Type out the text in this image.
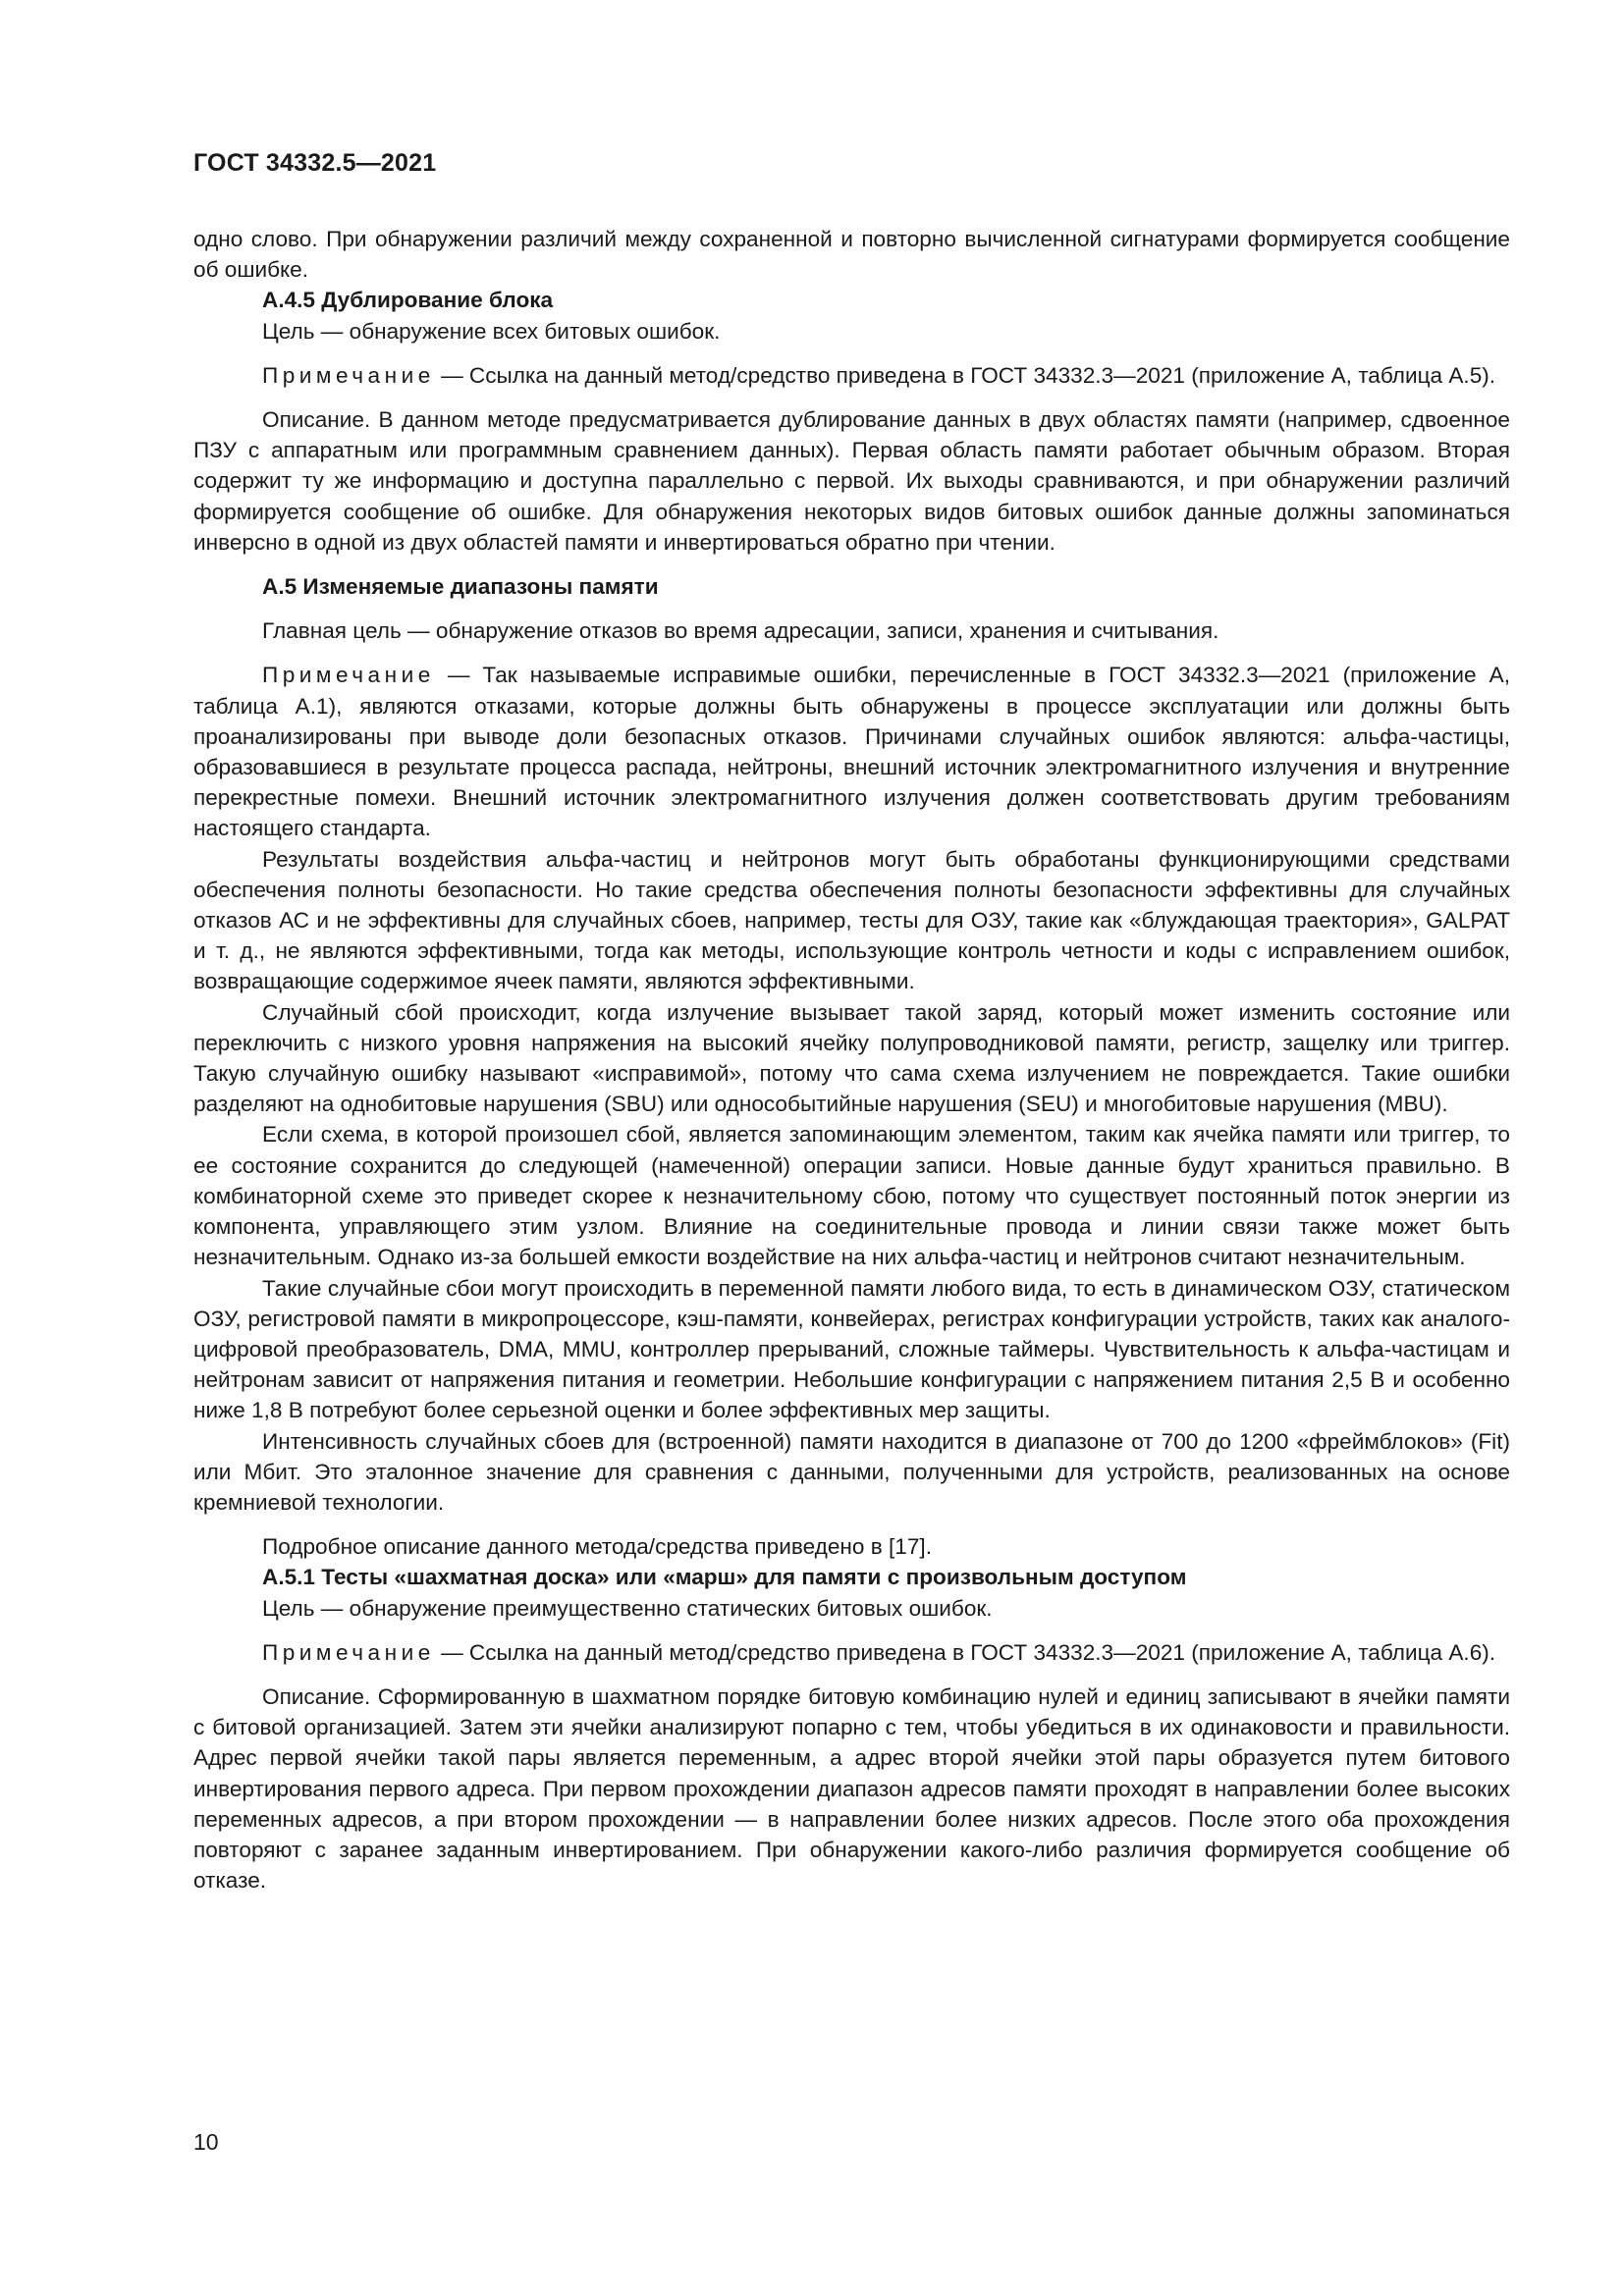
ГОСТ 34332.5—2021

одно слово. При обнаружении различий между сохраненной и повторно вычисленной сигнатурами формируется сообщение об ошибке.

А.4.5 Дублирование блока

Цель — обнаружение всех битовых ошибок.

Примечание — Ссылка на данный метод/средство приведена в ГОСТ 34332.3—2021 (приложение А, таблица А.5).

Описание. В данном методе предусматривается дублирование данных в двух областях памяти (например, сдвоенное ПЗУ с аппаратным или программным сравнением данных). Первая область памяти работает обычным образом. Вторая содержит ту же информацию и доступна параллельно с первой. Их выходы сравниваются, и при обнаружении различий формируется сообщение об ошибке. Для обнаружения некоторых видов битовых ошибок данные должны запоминаться инверсно в одной из двух областей памяти и инвертироваться обратно при чтении.

А.5 Изменяемые диапазоны памяти

Главная цель — обнаружение отказов во время адресации, записи, хранения и считывания.

Примечание — Так называемые исправимые ошибки, перечисленные в ГОСТ 34332.3—2021 (приложение А, таблица А.1), являются отказами, которые должны быть обнаружены в процессе эксплуатации или должны быть проанализированы при выводе доли безопасных отказов. Причинами случайных ошибок являются: альфа-частицы, образовавшиеся в результате процесса распада, нейтроны, внешний источник электромагнитного излучения и внутренние перекрестные помехи. Внешний источник электромагнитного излучения должен соответствовать другим требованиям настоящего стандарта.

Результаты воздействия альфа-частиц и нейтронов могут быть обработаны функционирующими средствами обеспечения полноты безопасности. Но такие средства обеспечения полноты безопасности эффективны для случайных отказов АС и не эффективны для случайных сбоев, например, тесты для ОЗУ, такие как «блуждающая траектория», GALPAT и т. д., не являются эффективными, тогда как методы, использующие контроль четности и коды с исправлением ошибок, возвращающие содержимое ячеек памяти, являются эффективными.

Случайный сбой происходит, когда излучение вызывает такой заряд, который может изменить состояние или переключить с низкого уровня напряжения на высокий ячейку полупроводниковой памяти, регистр, защелку или триггер. Такую случайную ошибку называют «исправимой», потому что сама схема излучением не повреждается. Такие ошибки разделяют на однобитовые нарушения (SBU) или однособытийные нарушения (SEU) и многобитовые нарушения (MBU).

Если схема, в которой произошел сбой, является запоминающим элементом, таким как ячейка памяти или триггер, то ее состояние сохранится до следующей (намеченной) операции записи. Новые данные будут храниться правильно. В комбинаторной схеме это приведет скорее к незначительному сбою, потому что существует постоянный поток энергии из компонента, управляющего этим узлом. Влияние на соединительные провода и линии связи также может быть незначительным. Однако из-за большей емкости воздействие на них альфа-частиц и нейтронов считают незначительным.

Такие случайные сбои могут происходить в переменной памяти любого вида, то есть в динамическом ОЗУ, статическом ОЗУ, регистровой памяти в микропроцессоре, кэш-памяти, конвейерах, регистрах конфигурации устройств, таких как аналого-цифровой преобразователь, DMA, MMU, контроллер прерываний, сложные таймеры. Чувствительность к альфа-частицам и нейтронам зависит от напряжения питания и геометрии. Небольшие конфигурации с напряжением питания 2,5 В и особенно ниже 1,8 В потребуют более серьезной оценки и более эффективных мер защиты.

Интенсивность случайных сбоев для (встроенной) памяти находится в диапазоне от 700 до 1200 «фреймблоков» (Fit) или Мбит. Это эталонное значение для сравнения с данными, полученными для устройств, реализованных на основе кремниевой технологии.

Подробное описание данного метода/средства приведено в [17].

А.5.1 Тесты «шахматная доска» или «марш» для памяти с произвольным доступом

Цель — обнаружение преимущественно статических битовых ошибок.

Примечание — Ссылка на данный метод/средство приведена в ГОСТ 34332.3—2021 (приложение А, таблица А.6).

Описание. Сформированную в шахматном порядке битовую комбинацию нулей и единиц записывают в ячейки памяти с битовой организацией. Затем эти ячейки анализируют попарно с тем, чтобы убедиться в их одинаковости и правильности. Адрес первой ячейки такой пары является переменным, а адрес второй ячейки этой пары образуется путем битового инвертирования первого адреса. При первом прохождении диапазон адресов памяти проходят в направлении более высоких переменных адресов, а при втором прохождении — в направлении более низких адресов. После этого оба прохождения повторяют с заранее заданным инвертированием. При обнаружении какого-либо различия формируется сообщение об отказе.

10
